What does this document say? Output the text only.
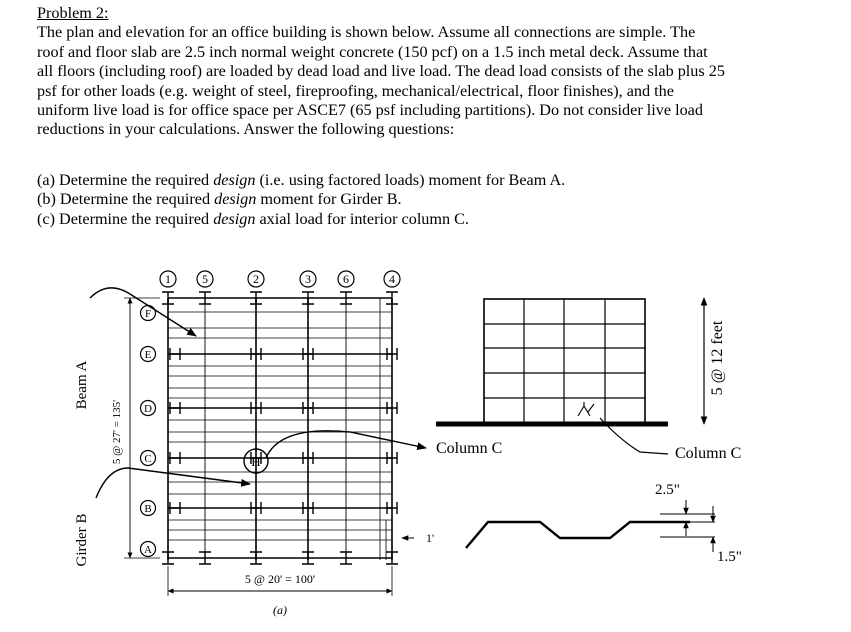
Problem 2:
The plan and elevation for an office building is shown below. Assume all connections are simple. The
roof and floor slab are 2.5 inch normal weight concrete (150 pcf) on a 1.5 inch metal deck. Assume that
all floors (including roof) are loaded by dead load and live load. The dead load consists of the slab plus 25
psf for other loads (e.g. weight of steel, fireproofing, mechanical/electrical, floor finishes), and the
uniform live load is for office space per ASCE7 (65 psf including partitions). Do not consider live load
reductions in your calculations. Answer the following questions:
(a) Determine the required design (i.e. using factored loads) moment for Beam A.
(b) Determine the required design moment for Girder B.
(c) Determine the required design axial load for interior column C.
1	5	2	3	6	4
F
E
D
C
B
A
H
Beam A
Girder B
5 @ 27' = 135'
5 @ 20' = 100'
1'
(a)
Column C	Column C
5 @ 12 feet
2.5"
1.5"
